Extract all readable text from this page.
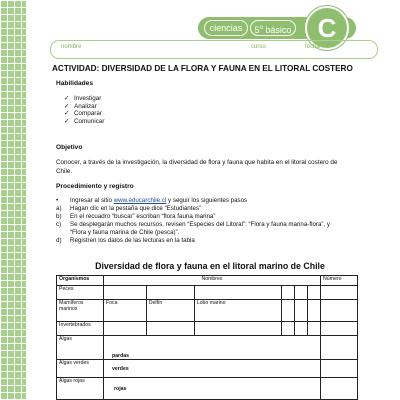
ciencias	5$^o$ básico	C
nombre	curso	fecha
ACTIVIDAD: DIVERSIDAD DE LA FLORA Y FAUNA EN EL LITORAL COSTERO
Habilidades
✓ Investigar
✓ Analizar
✓ Comparar
✓ Comunicar
Objetivo
Conocer, a través de la investigación, la diversidad de flora y fauna que habita en el litoral costero de
Chile.
Procedimiento y registro
•	Ingresar al sitio www.educarchile.cl y seguir los siguientes pasos
a)	Hagan clic en la pestaña que dice “Estudiantes”
b)	En el recuadro “buscar” escriban “flora fauna marina”
c)	Se desplegarán muchos recursos, revisen “Especies del Litoral”: “Flora y fauna marina-flora”, y
“Flora y fauna marina de Chile (pesca)”.
d)	Registren los datos de las lecturas en la tabla
Diversidad de flora y fauna en el litoral marino de Chile
Organismos	Nombres						Número
Peces							
Mamíferos marinos	Foca	Delfín	Lobo marino				
Invertebrados							
Algas	pardas						
Algas verdes	verdes						
Algas rojas	rojas						
